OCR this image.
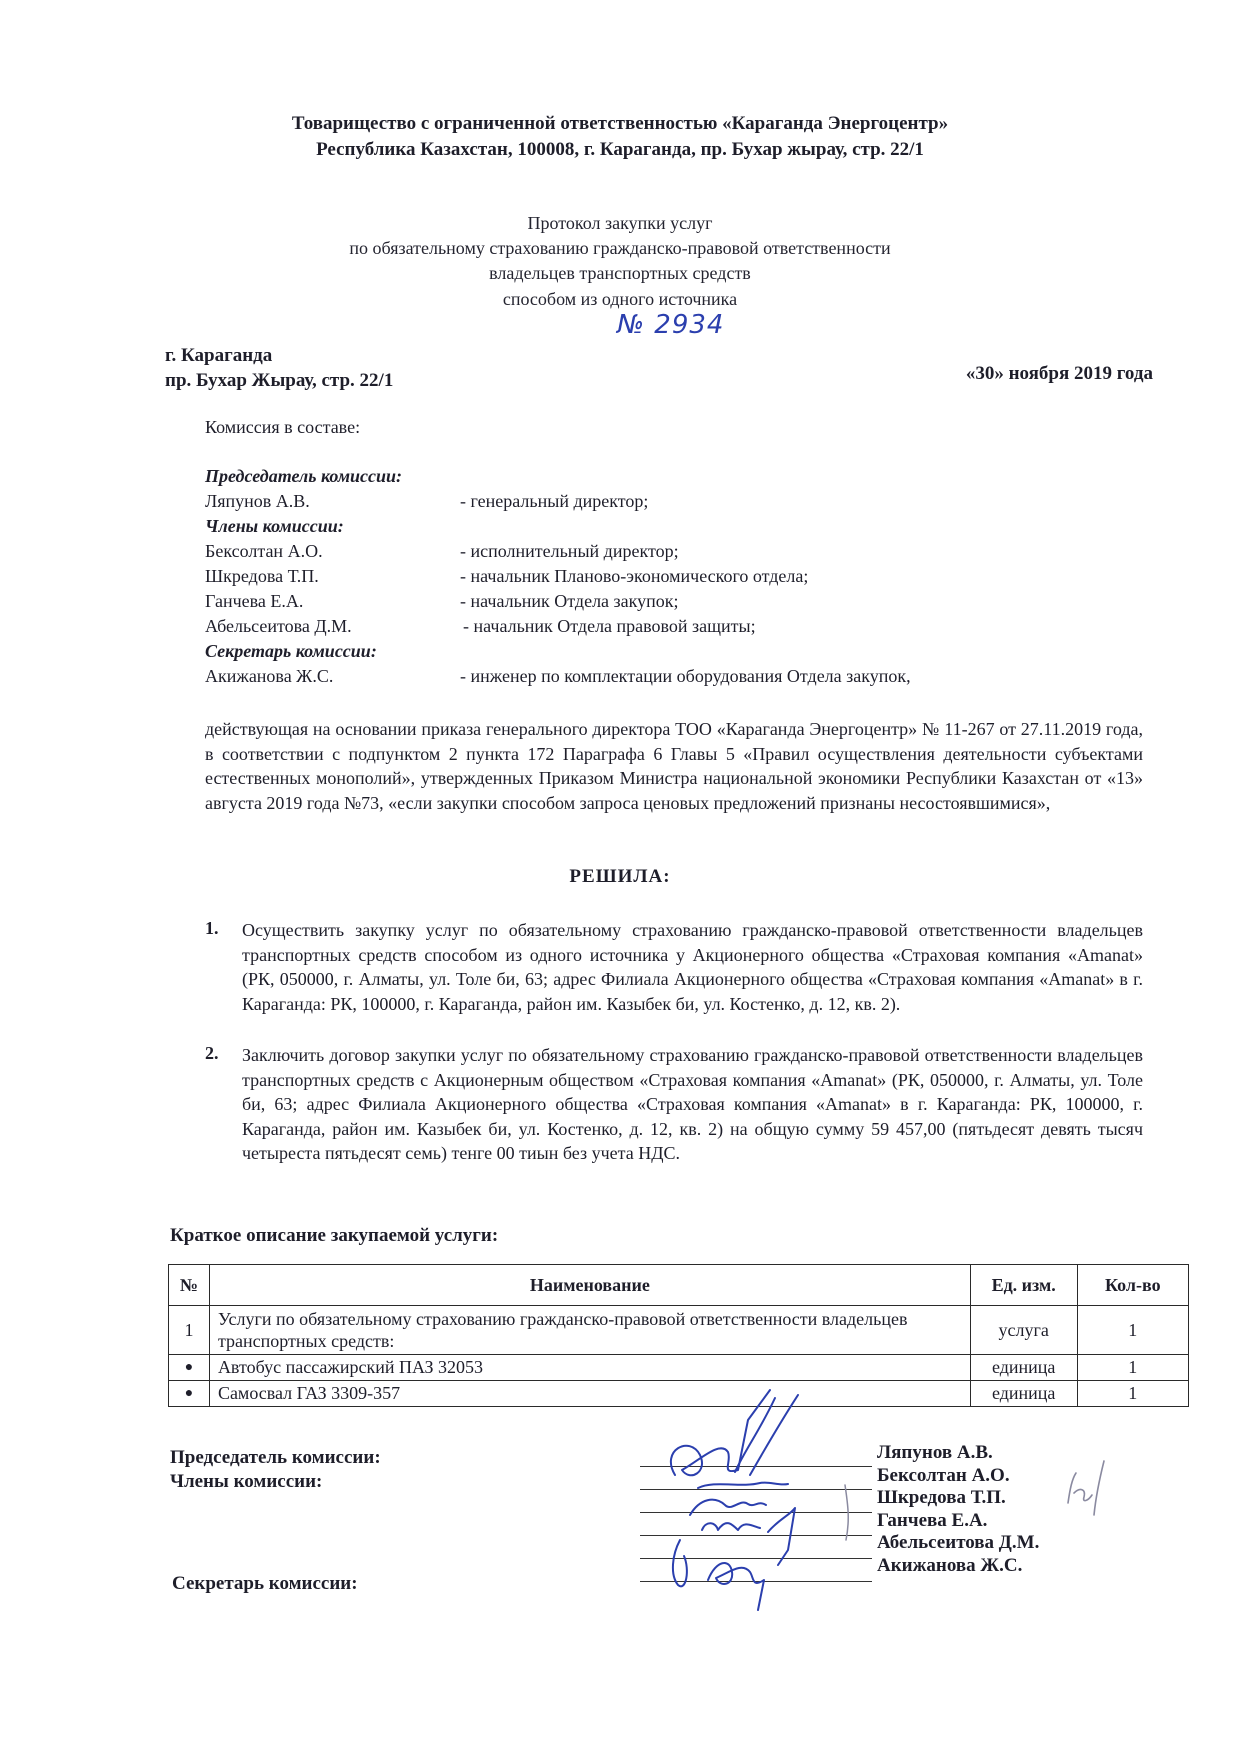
Товарищество с ограниченной ответственностью «Караганда Энергоцентр»
Республика Казахстан, 100008, г. Караганда, пр. Бухар жырау, стр. 22/1
Протокол закупки услуг
по обязательному страхованию гражданско-правовой ответственности
владельцев транспортных средств
способом из одного источника
№ 2934
г. Караганда
пр. Бухар Жырау, стр. 22/1	«30» ноября 2019 года
Комиссия в составе:
Председатель комиссии:
Ляпунов А.В.	- генеральный директор;
Члены комиссии:
Бексолтан А.О.	- исполнительный директор;
Шкредова Т.П.	- начальник Планово-экономического отдела;
Ганчева Е.А.	- начальник Отдела закупок;
Абельсеитова Д.М.	- начальник Отдела правовой защиты;
Секретарь комиссии:
Акижанова Ж.С.	- инженер по комплектации оборудования Отдела закупок,
действующая на основании приказа генерального директора ТОО «Караганда Энергоцентр» № 11-267 от 27.11.2019 года, в соответствии с подпунктом 2 пункта 172 Параграфа 6 Главы 5 «Правил осуществления деятельности субъектами естественных монополий», утвержденных Приказом Министра национальной экономики Республики Казахстан от «13» августа 2019 года №73, «если закупки способом запроса ценовых предложений признаны несостоявшимися»,
РЕШИЛА:
1. Осуществить закупку услуг по обязательному страхованию гражданско-правовой ответственности владельцев транспортных средств способом из одного источника у Акционерного общества «Страховая компания «Amanat» (РК, 050000, г. Алматы, ул. Толе би, 63; адрес Филиала Акционерного общества «Страховая компания «Amanat» в г. Караганда: РК, 100000, г. Караганда, район им. Казыбек би, ул. Костенко, д. 12, кв. 2).
2. Заключить договор закупки услуг по обязательному страхованию гражданско-правовой ответственности владельцев транспортных средств с Акционерным обществом «Страховая компания «Amanat» (РК, 050000, г. Алматы, ул. Толе би, 63; адрес Филиала Акционерного общества «Страховая компания «Amanat» в г. Караганда: РК, 100000, г. Караганда, район им. Казыбек би, ул. Костенко, д. 12, кв. 2) на общую сумму 59 457,00 (пятьдесят девять тысяч четыреста пятьдесят семь) тенге 00 тиын без учета НДС.
Краткое описание закупаемой услуги:
№	Наименование	Ед. изм.	Кол-во
1	Услуги по обязательному страхованию гражданско-правовой ответственности владельцев транспортных средств:	услуга	1
●	Автобус пассажирский ПАЗ 32053	единица	1
●	Самосвал ГАЗ 3309-357	единица	1
Председатель комиссии:
Члены комиссии:
Секретарь комиссии:
Ляпунов А.В.
Бексолтан А.О.
Шкредова Т.П.
Ганчева Е.А.
Абельсеитова Д.М.
Акижанова Ж.С.
